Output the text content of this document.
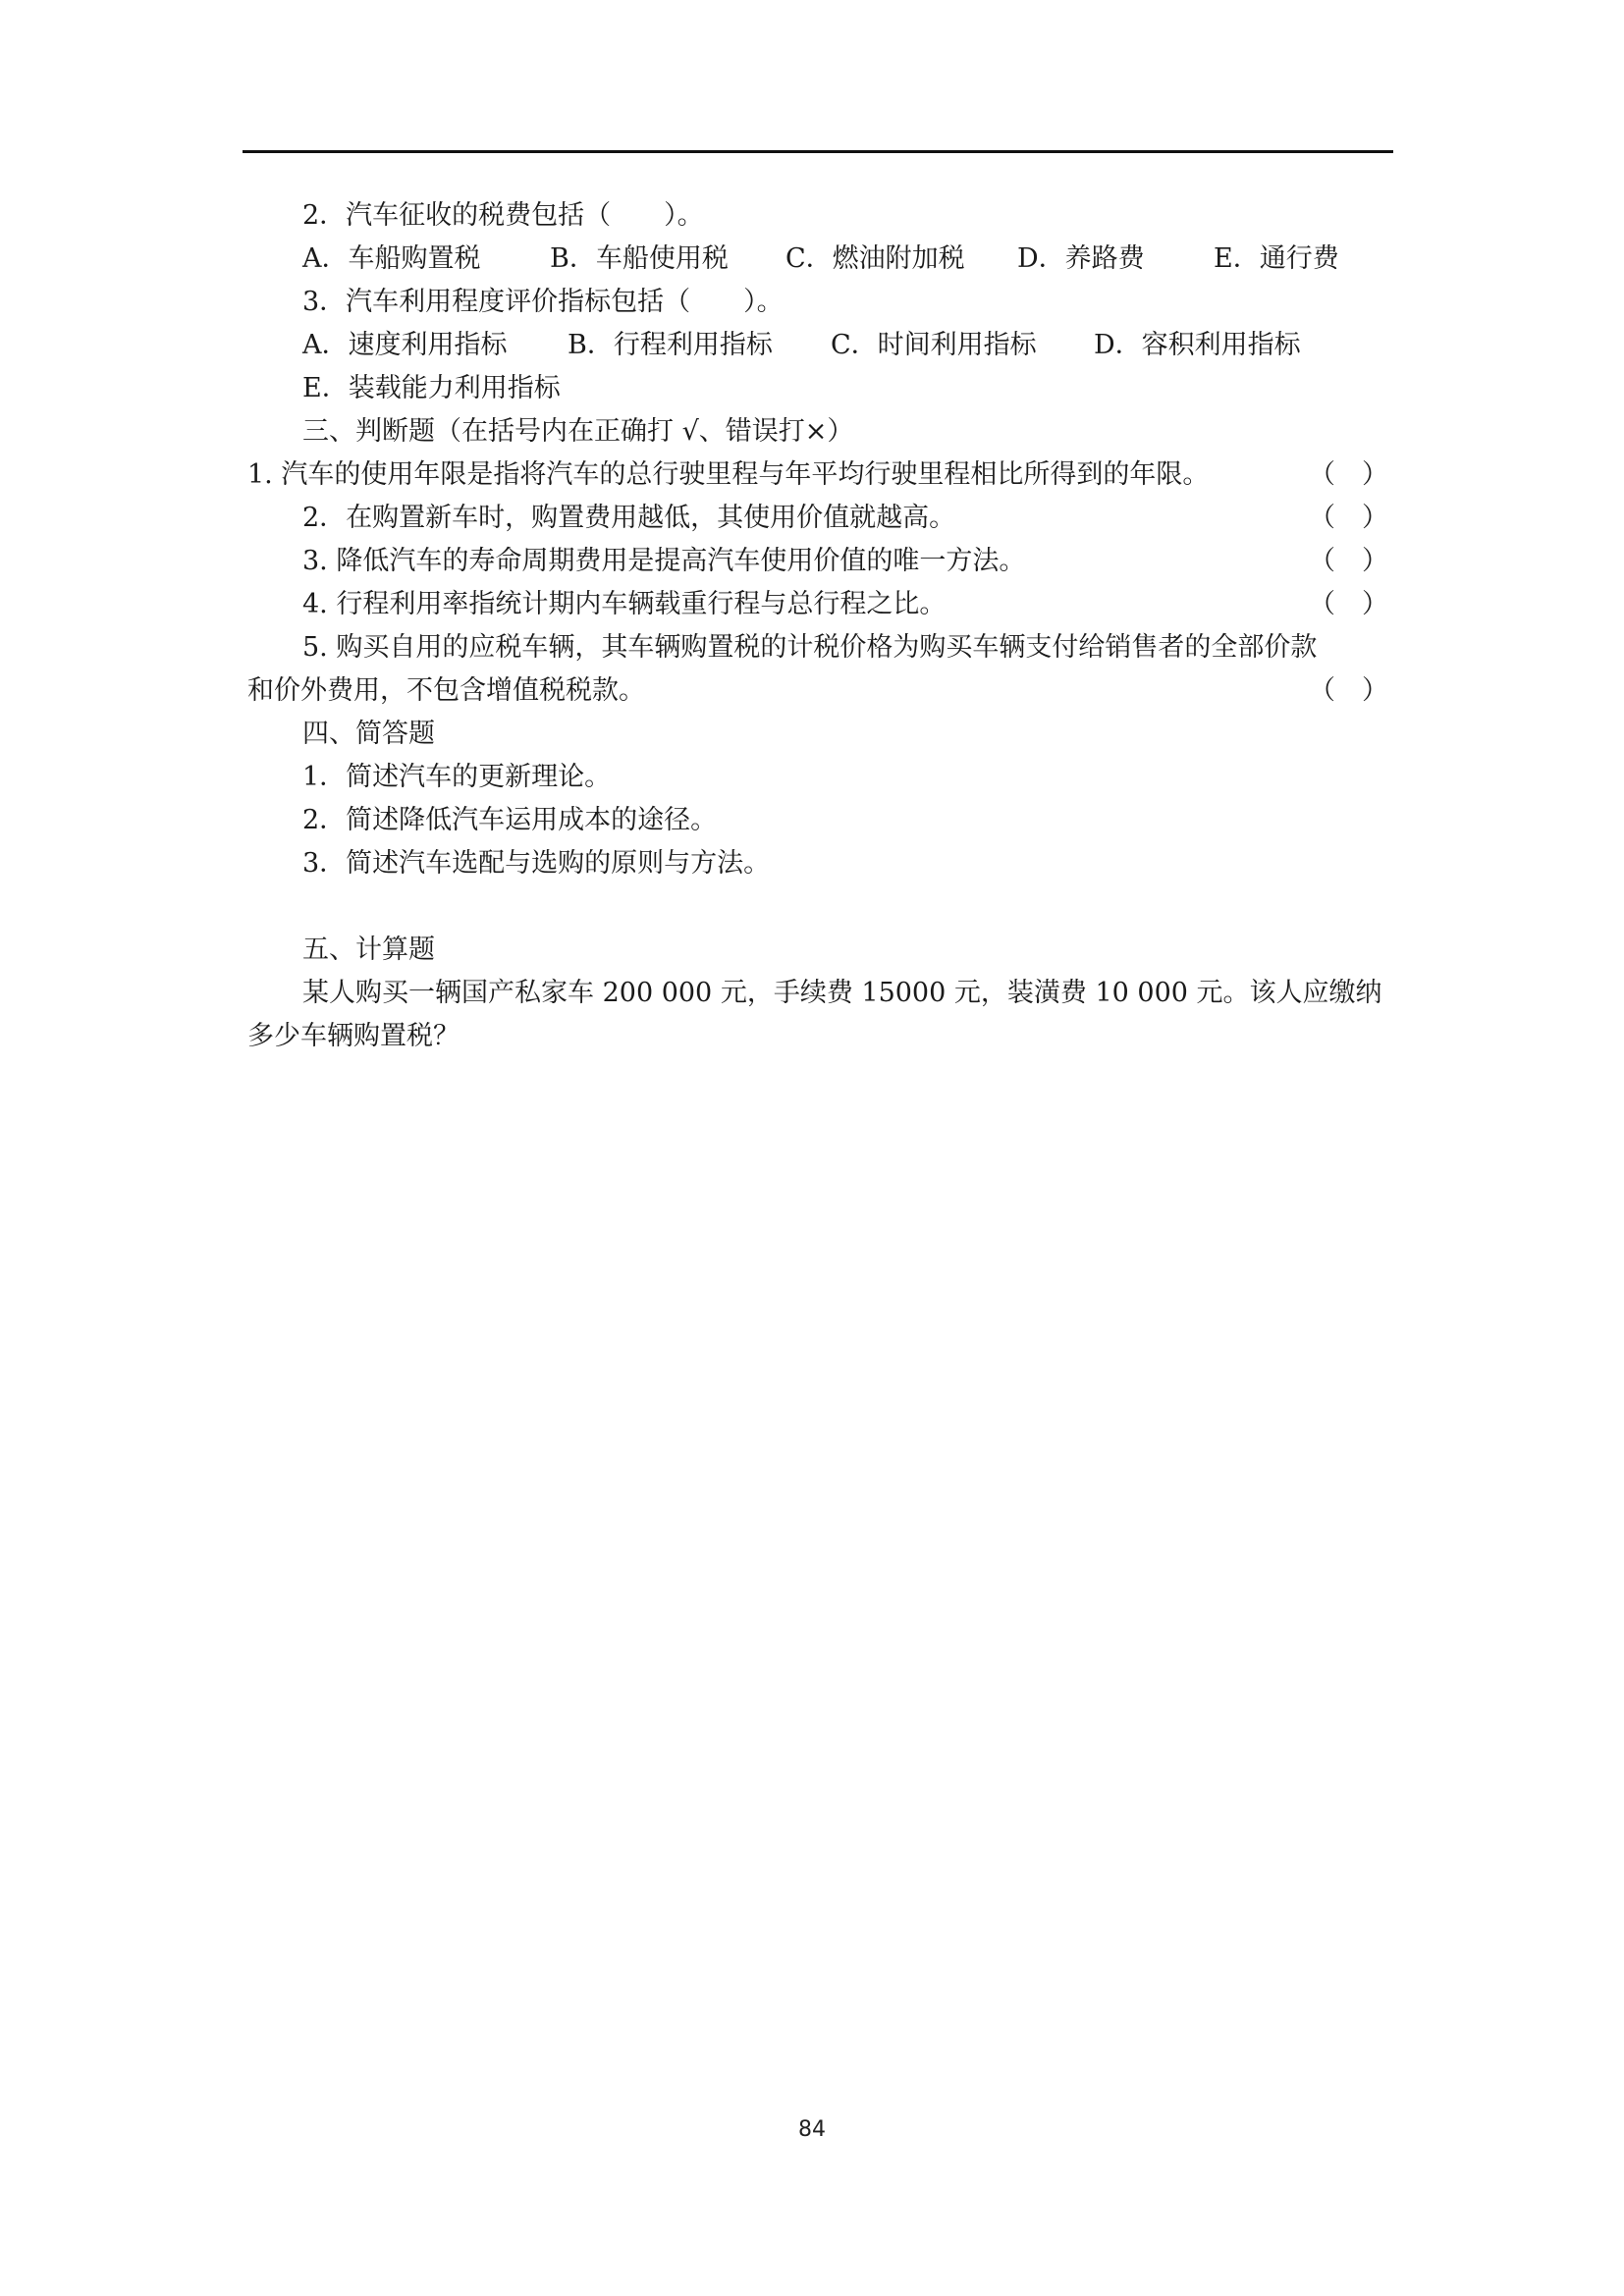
2．汽车征收的税费包括（　　）。
A．车船购置税	B．车船使用税	C．燃油附加税	D．养路费	E．通行费
3．汽车利用程度评价指标包括（　　）。
A．速度利用指标	B．行程利用指标	C．时间利用指标	D．容积利用指标
E．装载能力利用指标
三、判断题（在括号内在正确打 √、错误打×）
1. 汽车的使用年限是指将汽车的总行驶里程与年平均行驶里程相比所得到的年限。	（　）
2．在购置新车时，购置费用越低，其使用价值就越高。	（　）
3. 降低汽车的寿命周期费用是提高汽车使用价值的唯一方法。	（　）
4. 行程利用率指统计期内车辆载重行程与总行程之比。	（　）
5. 购买自用的应税车辆，其车辆购置税的计税价格为购买车辆支付给销售者的全部价款
和价外费用，不包含增值税税款。	（　）
四、简答题
1．简述汽车的更新理论。
2．简述降低汽车运用成本的途径。
3．简述汽车选配与选购的原则与方法。
五、计算题
某人购买一辆国产私家车 200 000 元，手续费 15000 元，装潢费 10 000 元。该人应缴纳
多少车辆购置税？
84
